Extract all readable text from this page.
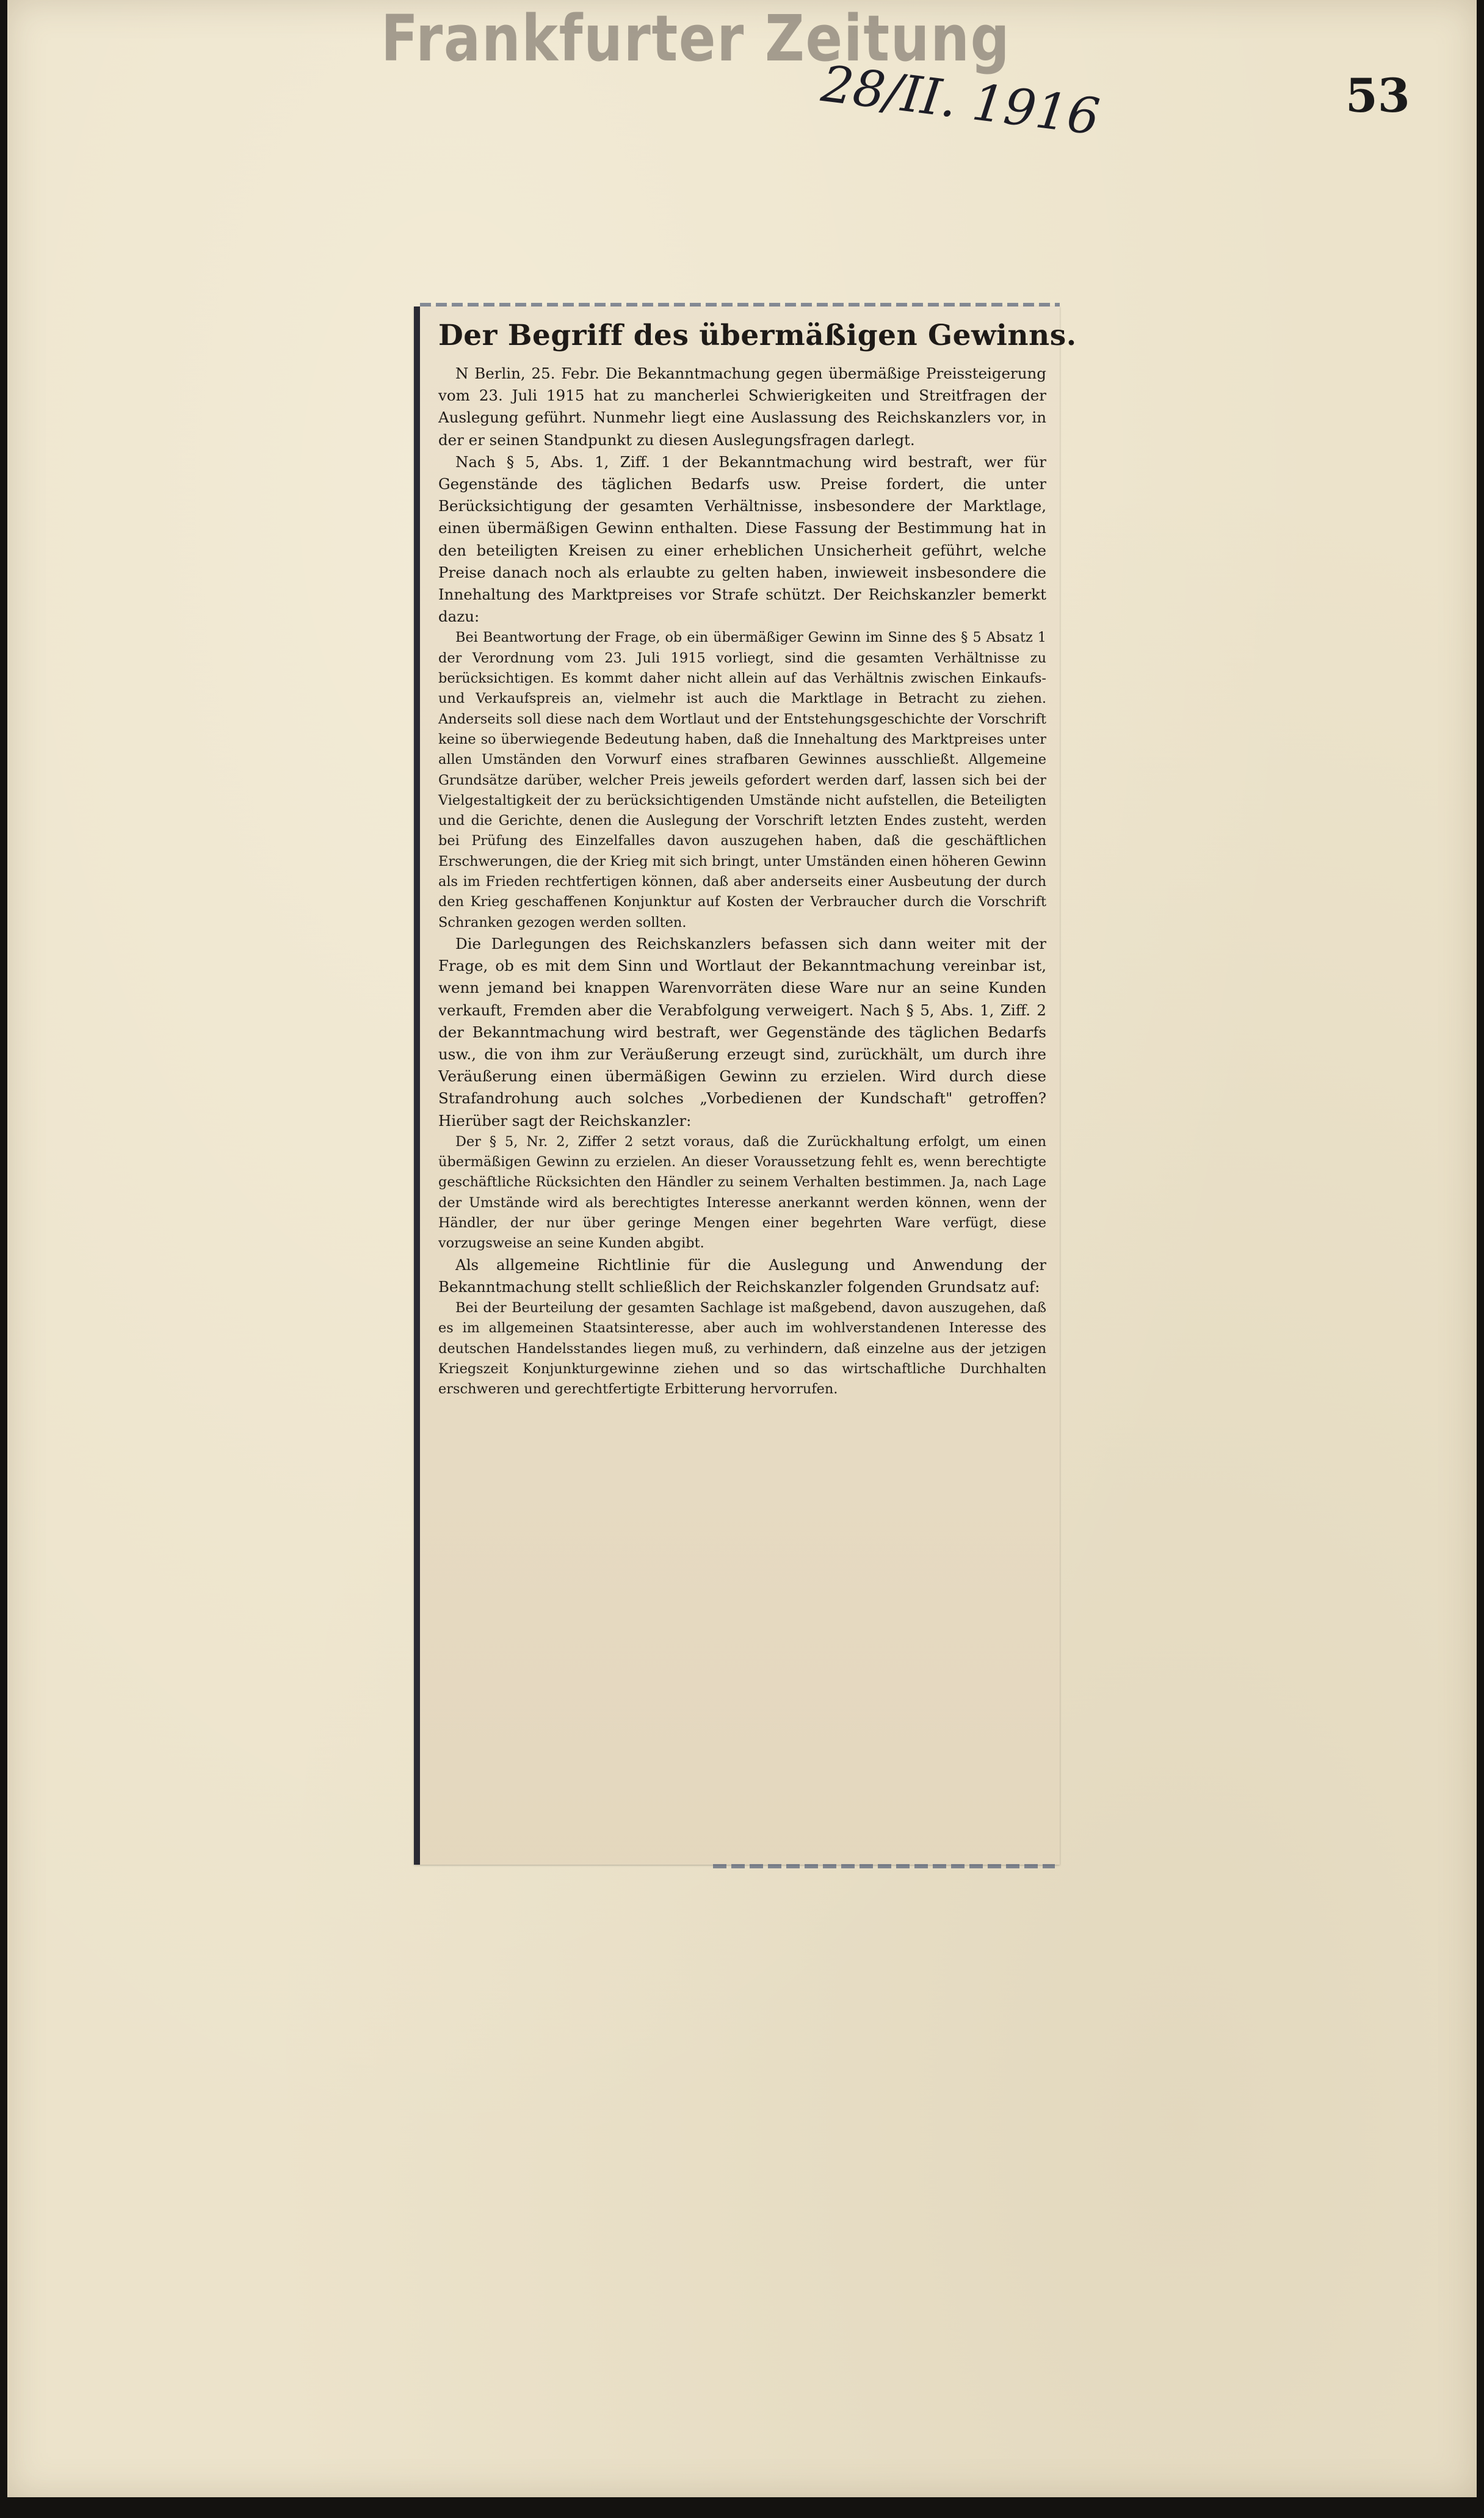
Frankfurter Zeitung
28/II. 1916	53
Der Begriff des übermäßigen Gewinns.

N Berlin, 25. Febr. Die Bekanntmachung gegen übermäßige Preissteigerung vom 23. Juli 1915 hat zu mancherlei Schwierigkeiten und Streitfragen der Auslegung geführt. Nunmehr liegt eine Auslassung des Reichskanzlers vor, in der er seinen Standpunkt zu diesen Auslegungsfragen darlegt.

Nach § 5, Abs. 1, Ziff. 1 der Bekanntmachung wird bestraft, wer für Gegenstände des täglichen Bedarfs usw. Preise fordert, die unter Berücksichtigung der gesamten Verhältnisse, insbesondere der Marktlage, einen übermäßigen Gewinn enthalten. Diese Fassung der Bestimmung hat in den beteiligten Kreisen zu einer erheblichen Unsicherheit geführt, welche Preise danach noch als erlaubte zu gelten haben, inwieweit insbesondere die Innehaltung des Marktpreises vor Strafe schützt. Der Reichskanzler bemerkt dazu:

Bei Beantwortung der Frage, ob ein übermäßiger Gewinn im Sinne des § 5 Absatz 1 der Verordnung vom 23. Juli 1915 vorliegt, sind die gesamten Verhältnisse zu berücksichtigen. Es kommt daher nicht allein auf das Verhältnis zwischen Einkaufs- und Verkaufspreis an, vielmehr ist auch die Marktlage in Betracht zu ziehen. Anderseits soll diese nach dem Wortlaut und der Entstehungsgeschichte der Vorschrift keine so überwiegende Bedeutung haben, daß die Innehaltung des Marktpreises unter allen Umständen den Vorwurf eines strafbaren Gewinnes ausschließt. Allgemeine Grundsätze darüber, welcher Preis jeweils gefordert werden darf, lassen sich bei der Vielgestaltigkeit der zu berücksichtigenden Umstände nicht aufstellen, die Beteiligten und die Gerichte, denen die Auslegung der Vorschrift letzten Endes zusteht, werden bei Prüfung des Einzelfalles davon auszugehen haben, daß die geschäftlichen Erschwerungen, die der Krieg mit sich bringt, unter Umständen einen höheren Gewinn als im Frieden rechtfertigen können, daß aber anderseits einer Ausbeutung der durch den Krieg geschaffenen Konjunktur auf Kosten der Verbraucher durch die Vorschrift Schranken gezogen werden sollten.

Die Darlegungen des Reichskanzlers befassen sich dann weiter mit der Frage, ob es mit dem Sinn und Wortlaut der Bekanntmachung vereinbar ist, wenn jemand bei knappen Warenvorräten diese Ware nur an seine Kunden verkauft, Fremden aber die Verabfolgung verweigert. Nach § 5, Abs. 1, Ziff. 2 der Bekanntmachung wird bestraft, wer Gegenstände des täglichen Bedarfs usw., die von ihm zur Veräußerung erzeugt sind, zurückhält, um durch ihre Veräußerung einen übermäßigen Gewinn zu erzielen. Wird durch diese Strafandrohung auch solches „Vorbedienen der Kundschaft" getroffen? Hierüber sagt der Reichskanzler:

Der § 5, Nr. 2, Ziffer 2 setzt voraus, daß die Zurückhaltung erfolgt, um einen übermäßigen Gewinn zu erzielen. An dieser Voraussetzung fehlt es, wenn berechtigte geschäftliche Rücksichten den Händler zu seinem Verhalten bestimmen. Ja, nach Lage der Umstände wird als berechtigtes Interesse anerkannt werden können, wenn der Händler, der nur über geringe Mengen einer begehrten Ware verfügt, diese vorzugsweise an seine Kunden abgibt.

Als allgemeine Richtlinie für die Auslegung und Anwendung der Bekanntmachung stellt schließlich der Reichskanzler folgenden Grundsatz auf:

Bei der Beurteilung der gesamten Sachlage ist maßgebend, davon auszugehen, daß es im allgemeinen Staatsinteresse, aber auch im wohlverstandenen Interesse des deutschen Handelsstandes liegen muß, zu verhindern, daß einzelne aus der jetzigen Kriegszeit Konjunkturgewinne ziehen und so das wirtschaftliche Durchhalten erschweren und gerechtfertigte Erbitterung hervorrufen.
